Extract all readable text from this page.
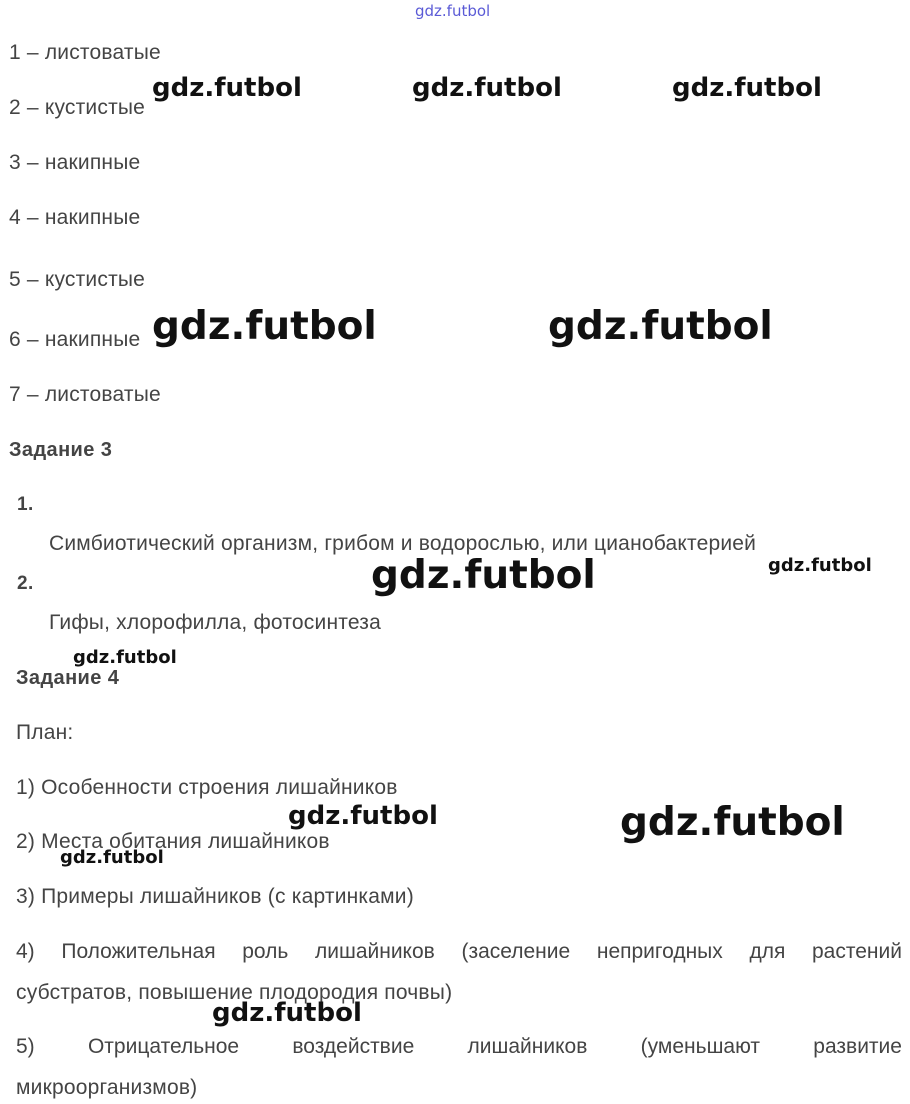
gdz.futbol
1 – листоватые
2 – кустистые
3 – накипные
4 – накипные
5 – кустистые
6 – накипные
7 – листоватые
Задание 3
1.
Симбиотический организм, грибом и водорослью, или цианобактерией
2.
Гифы, хлорофилла, фотосинтеза
Задание 4
План:
1) Особенности строения лишайников
2) Места обитания лишайников
3) Примеры лишайников (с картинками)
4) Положительная роль лишайников (заселение непригодных для растений
субстратов, повышение плодородия почвы)
5)	Отрицательное	воздействие	лишайников	(уменьшают	развитие
микроорганизмов)
gdz.futbol	gdz.futbol	gdz.futbol
gdz.futbol	gdz.futbol
gdz.futbol	gdz.futbol
gdz.futbol
gdz.futbol	gdz.futbol
gdz.futbol
gdz.futbol
